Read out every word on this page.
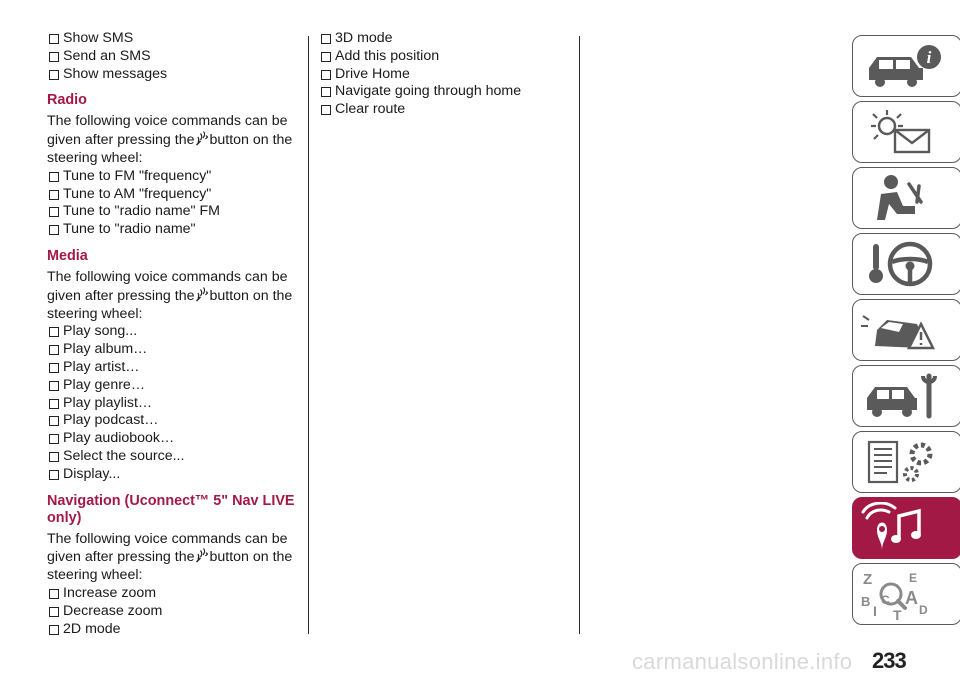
Show SMS
Send an SMS
Show messages
Radio

The following voice commands can be given after pressing the button on the steering wheel:

Tune to FM "frequency"
Tune to AM "frequency"
Tune to "radio name" FM
Tune to "radio name"
Media

The following voice commands can be given after pressing the button on the steering wheel:

Play song...
Play album…
Play artist…
Play genre…
Play playlist…
Play podcast…
Play audiobook…
Select the source...
Display...
Navigation (Uconnect™ 5" Nav LIVE only)

The following voice commands can be given after pressing the button on the steering wheel:

Increase zoom
Decrease zoom
2D mode
3D mode
Add this position
Drive Home
Navigate going through home
Clear route
i
Z
B
E
A
D
I
C
T
carmanualsonline.info 233
